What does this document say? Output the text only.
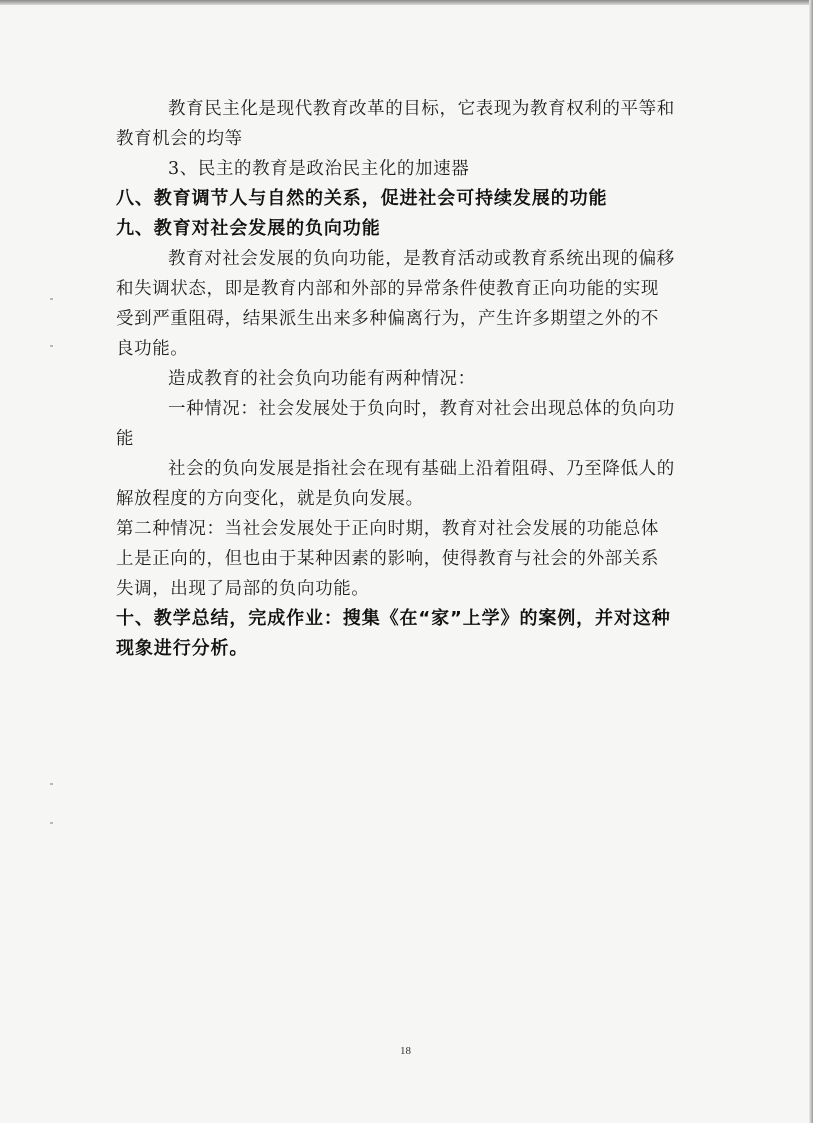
教育民主化是现代教育改革的目标，它表现为教育权利的平等和
教育机会的均等
3、民主的教育是政治民主化的加速器
八、教育调节人与自然的关系，促进社会可持续发展的功能
九、教育对社会发展的负向功能
教育对社会发展的负向功能，是教育活动或教育系统出现的偏移
和失调状态，即是教育内部和外部的异常条件使教育正向功能的实现
受到严重阻碍，结果派生出来多种偏离行为，产生许多期望之外的不
良功能。
造成教育的社会负向功能有两种情况：
一种情况：社会发展处于负向时，教育对社会出现总体的负向功
能
社会的负向发展是指社会在现有基础上沿着阻碍、乃至降低人的
解放程度的方向变化，就是负向发展。
第二种情况：当社会发展处于正向时期，教育对社会发展的功能总体
上是正向的，但也由于某种因素的影响，使得教育与社会的外部关系
失调，出现了局部的负向功能。
十、教学总结，完成作业：搜集《在“家”上学》的案例，并对这种
现象进行分析。
18
